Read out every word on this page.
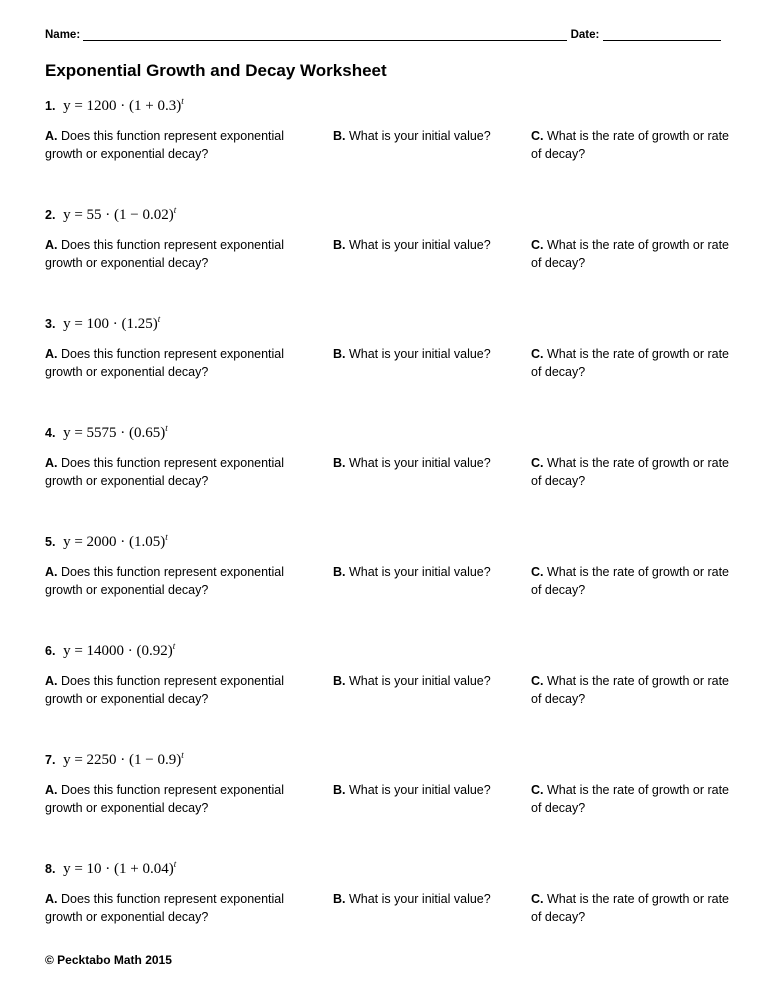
Name:	Date:
Exponential Growth and Decay Worksheet
1. $y = 1200 \cdot (1 + 0.3)^t$
A. Does this function represent exponential growth or exponential decay?
B. What is your initial value?	C. What is the rate of growth or rate of decay?
2. $y = 55 \cdot (1 - 0.02)^t$
A. Does this function represent exponential growth or exponential decay?
B. What is your initial value?	C. What is the rate of growth or rate of decay?
3. $y = 100 \cdot (1.25)^t$
A. Does this function represent exponential growth or exponential decay?
B. What is your initial value?	C. What is the rate of growth or rate of decay?
4. $y = 5575 \cdot (0.65)^t$
A. Does this function represent exponential growth or exponential decay?
B. What is your initial value?	C. What is the rate of growth or rate of decay?
5. $y = 2000 \cdot (1.05)^t$
A. Does this function represent exponential growth or exponential decay?
B. What is your initial value?	C. What is the rate of growth or rate of decay?
6. $y = 14000 \cdot (0.92)^t$
A. Does this function represent exponential growth or exponential decay?
B. What is your initial value?	C. What is the rate of growth or rate of decay?
7. $y = 2250 \cdot (1 - 0.9)^t$
A. Does this function represent exponential growth or exponential decay?
B. What is your initial value?	C. What is the rate of growth or rate of decay?
8. $y = 10 \cdot (1 + 0.04)^t$
A. Does this function represent exponential growth or exponential decay?
B. What is your initial value?	C. What is the rate of growth or rate of decay?
© Pecktabo Math 2015
